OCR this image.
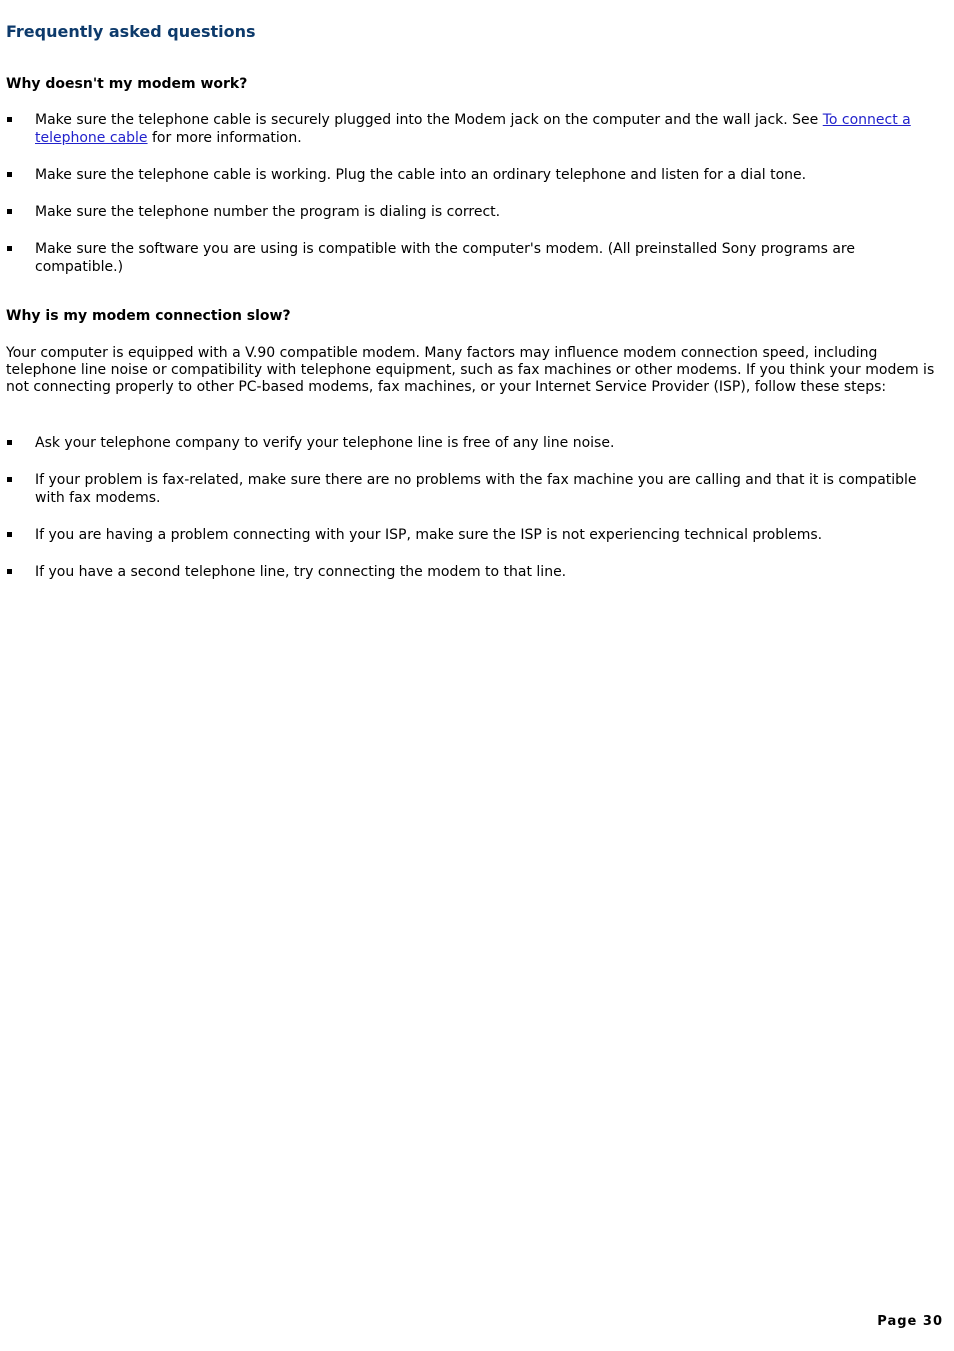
Frequently asked questions
Why doesn't my modem work?
Make sure the telephone cable is securely plugged into the Modem jack on the computer and the wall jack. See To connect a telephone cable for more information.
Make sure the telephone cable is working. Plug the cable into an ordinary telephone and listen for a dial tone.
Make sure the telephone number the program is dialing is correct.
Make sure the software you are using is compatible with the computer's modem. (All preinstalled Sony programs are compatible.)
Why is my modem connection slow?

Your computer is equipped with a V.90 compatible modem. Many factors may influence modem connection speed, including telephone line noise or compatibility with telephone equipment, such as fax machines or other modems. If you think your modem is not connecting properly to other PC-based modems, fax machines, or your Internet Service Provider (ISP), follow these steps:

Ask your telephone company to verify your telephone line is free of any line noise.
If your problem is fax-related, make sure there are no problems with the fax machine you are calling and that it is compatible with fax modems.
If you are having a problem connecting with your ISP, make sure the ISP is not experiencing technical problems.
If you have a second telephone line, try connecting the modem to that line.
Page 30
